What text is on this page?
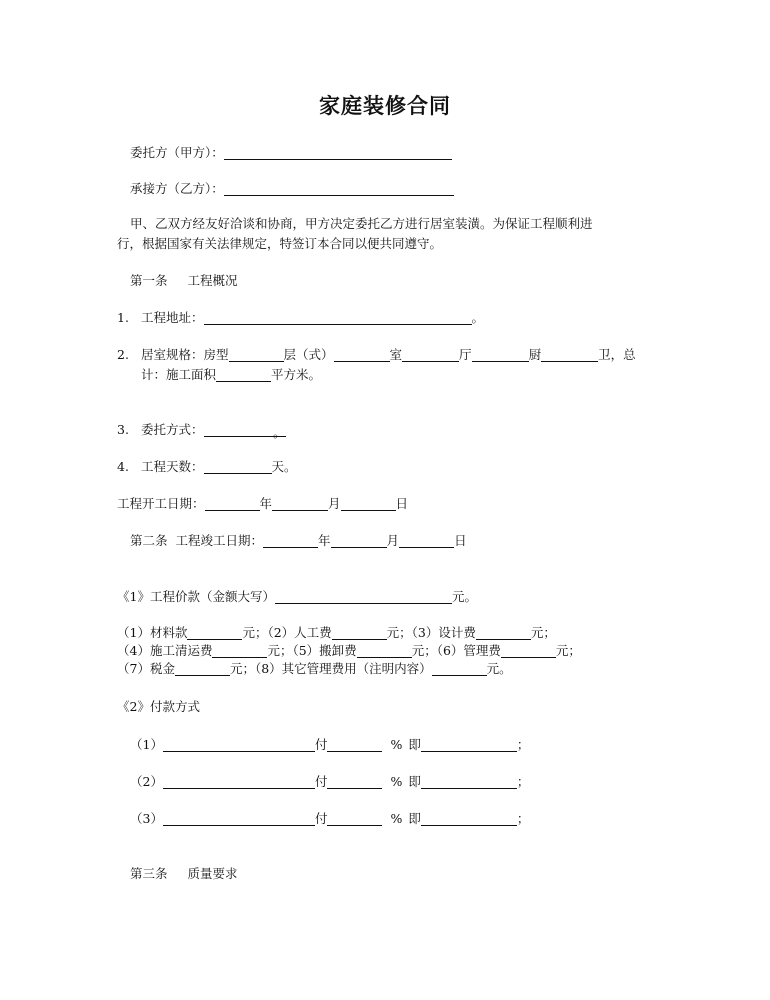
家庭装修合同
委托方（甲方）：
承接方（乙方）：
甲、乙双方经友好洽谈和协商，甲方决定委托乙方进行居室装潢。为保证工程顺利进
行，根据国家有关法律规定，特签订本合同以便共同遵守。
第一条 工程概况
1. 工程地址：	。
2. 居室规格：房型	层（式）	室	厅	厨	卫，总
计：施工面积	平方米。
3. 委托方式：	。
4. 工程天数：	天。
工程开工日期：	年	月	日
第二条 工程竣工日期：	年	月	日
《1》工程价款（金额大写）	元。
（1）材料款	元；（2）人工费	元；（3）设计费	元；
（4）施工清运费	元；（5）搬卸费	元；（6）管理费	元；
（7）税金	元；（8）其它管理费用（注明内容）	元。
《2》付款方式
（1）	付	% 即	；
（2）	付	% 即	；
（3）	付	% 即	；
第三条 质量要求
